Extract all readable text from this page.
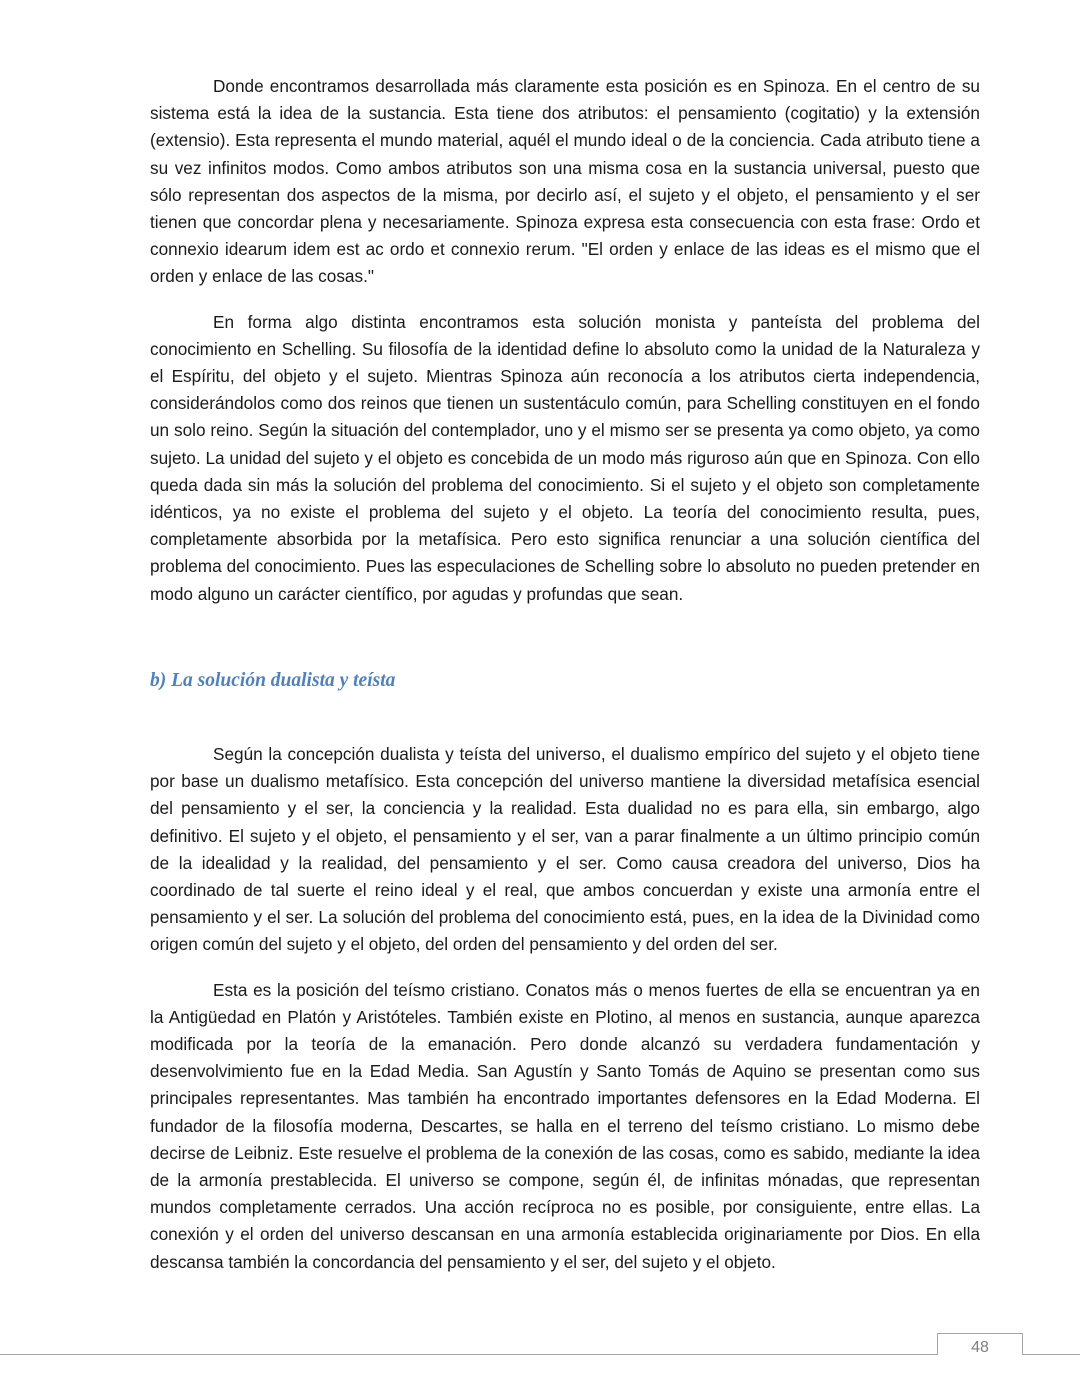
Donde encontramos desarrollada más claramente esta posición es en Spinoza. En el centro de su sistema está la idea de la sustancia. Esta tiene dos atributos: el pensamiento (cogitatio) y la extensión (extensio). Esta representa el mundo material, aquél el mundo ideal o de la conciencia. Cada atributo tiene a su vez infinitos modos. Como ambos atributos son una misma cosa en la sustancia universal, puesto que sólo representan dos aspectos de la misma, por decirlo así, el sujeto y el objeto, el pensamiento y el ser tienen que concordar plena y necesariamente. Spinoza expresa esta consecuencia con esta frase: Ordo et connexio idearum idem est ac ordo et connexio rerum. "El orden y enlace de las ideas es el mismo que el orden y enlace de las cosas."

En forma algo distinta encontramos esta solución monista y panteísta del problema del conocimiento en Schelling. Su filosofía de la identidad define lo absoluto como la unidad de la Naturaleza y el Espíritu, del objeto y el sujeto. Mientras Spinoza aún reconocía a los atributos cierta independencia, considerándolos como dos reinos que tienen un sustentáculo común, para Schelling constituyen en el fondo un solo reino. Según la situación del contemplador, uno y el mismo ser se presenta ya como objeto, ya como sujeto. La unidad del sujeto y el objeto es concebida de un modo más riguroso aún que en Spinoza. Con ello queda dada sin más la solución del problema del conocimiento. Si el sujeto y el objeto son completamente idénticos, ya no existe el problema del sujeto y el objeto. La teoría del conocimiento resulta, pues, completamente absorbida por la metafísica. Pero esto significa renunciar a una solución científica del problema del conocimiento. Pues las especulaciones de Schelling sobre lo absoluto no pueden pretender en modo alguno un carácter científico, por agudas y profundas que sean.

b) La solución dualista y teísta

Según la concepción dualista y teísta del universo, el dualismo empírico del sujeto y el objeto tiene por base un dualismo metafísico. Esta concepción del universo mantiene la diversidad metafísica esencial del pensamiento y el ser, la conciencia y la realidad. Esta dualidad no es para ella, sin embargo, algo definitivo. El sujeto y el objeto, el pensamiento y el ser, van a parar finalmente a un último principio común de la idealidad y la realidad, del pensamiento y el ser. Como causa creadora del universo, Dios ha coordinado de tal suerte el reino ideal y el real, que ambos concuerdan y existe una armonía entre el pensamiento y el ser. La solución del problema del conocimiento está, pues, en la idea de la Divinidad como origen común del sujeto y el objeto, del orden del pensamiento y del orden del ser.

Esta es la posición del teísmo cristiano. Conatos más o menos fuertes de ella se encuentran ya en la Antigüedad en Platón y Aristóteles. También existe en Plotino, al menos en sustancia, aunque aparezca modificada por la teoría de la emanación. Pero donde alcanzó su verdadera fundamentación y desenvolvimiento fue en la Edad Media. San Agustín y Santo Tomás de Aquino se presentan como sus principales representantes. Mas también ha encontrado importantes defensores en la Edad Moderna. El fundador de la filosofía moderna, Descartes, se halla en el terreno del teísmo cristiano. Lo mismo debe decirse de Leibniz. Este resuelve el problema de la conexión de las cosas, como es sabido, mediante la idea de la armonía prestablecida. El universo se compone, según él, de infinitas mónadas, que representan mundos completamente cerrados. Una acción recíproca no es posible, por consiguiente, entre ellas. La conexión y el orden del universo descansan en una armonía establecida originariamente por Dios. En ella descansa también la concordancia del pensamiento y el ser, del sujeto y el objeto.

48
